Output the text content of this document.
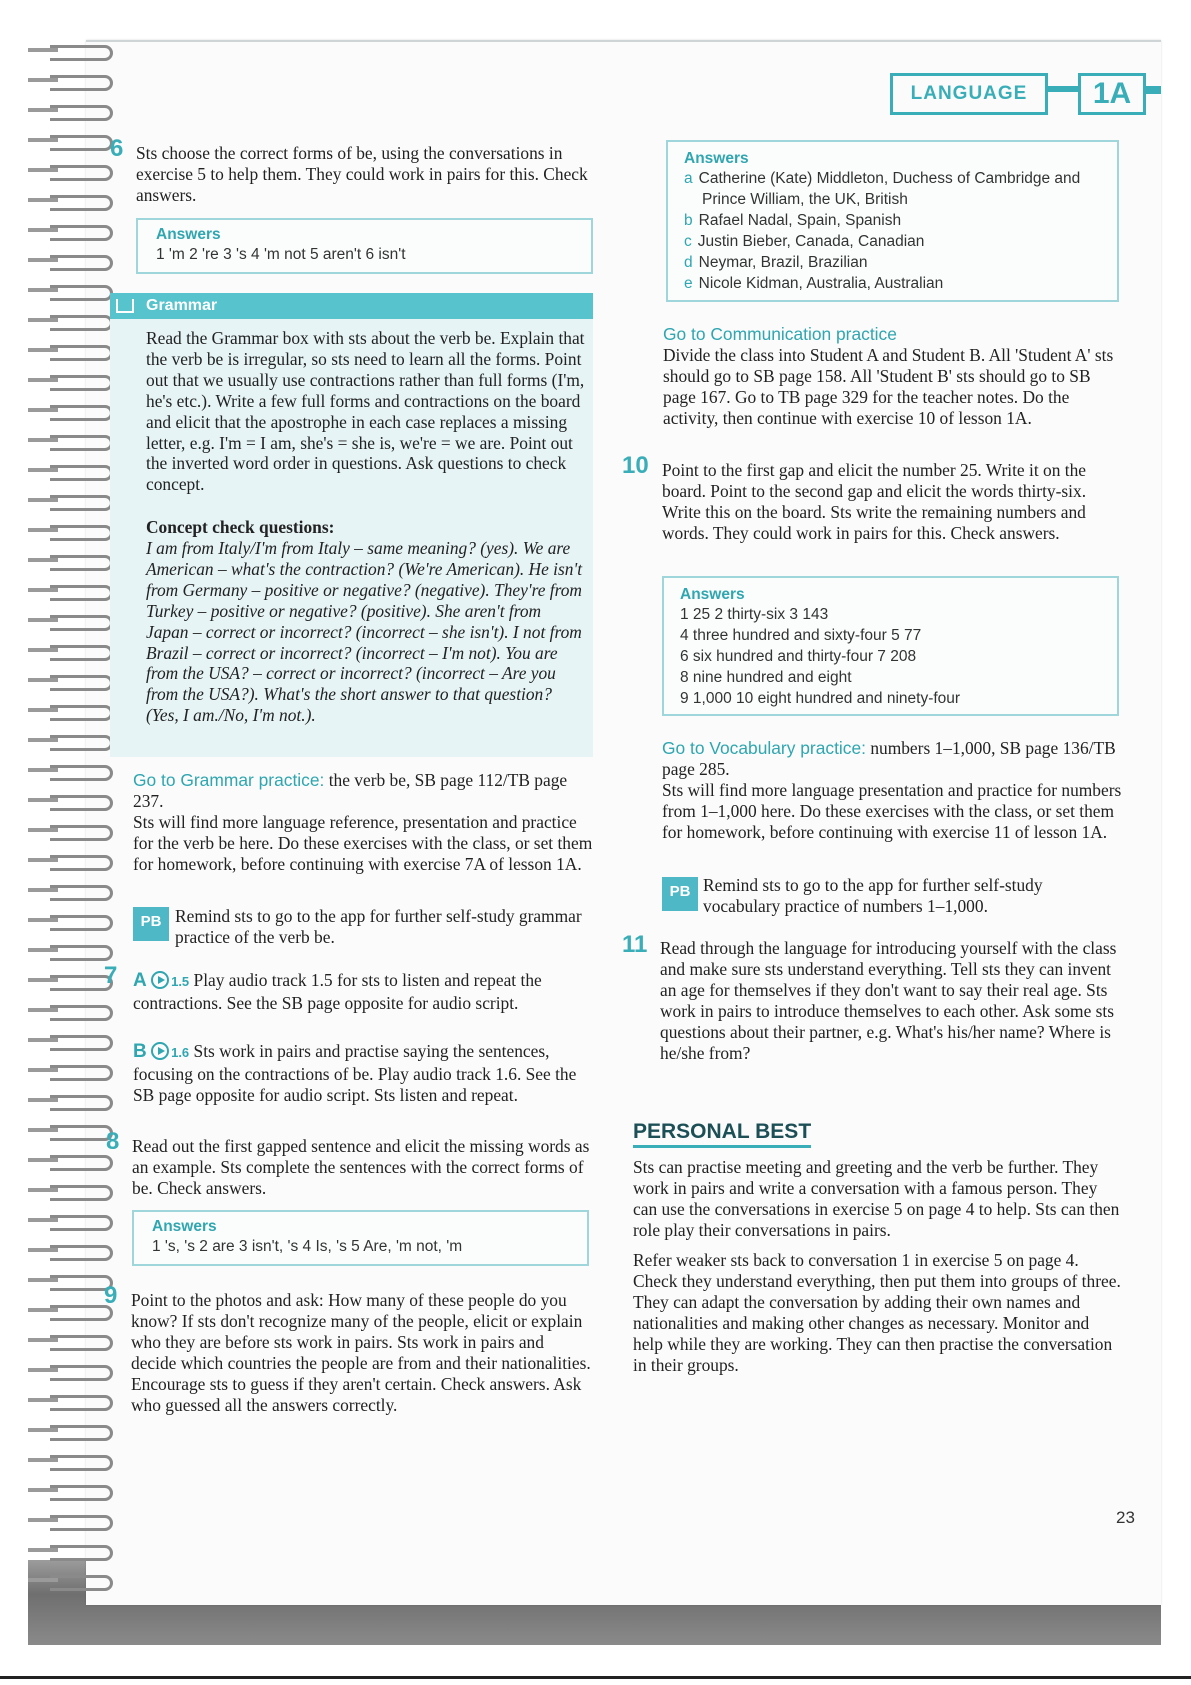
LANGUAGE	1A
6 Sts choose the correct forms of be, using the conversations in exercise 5 to help them. They could work in pairs for this. Check answers.
Answers
1 'm 2 're 3 's 4 'm not 5 aren't 6 isn't
Grammar
Read the Grammar box with sts about the verb be. Explain that the verb be is irregular, so sts need to learn all the forms. Point out that we usually use contractions rather than full forms (I'm, he's etc.). Write a few full forms and contractions on the board and elicit that the apostrophe in each case replaces a missing letter, e.g. I'm = I am, she's = she is, we're = we are. Point out the inverted word order in questions. Ask questions to check concept.
Concept check questions:
I am from Italy/I'm from Italy – same meaning? (yes). We are American – what's the contraction? (We're American). He isn't from Germany – positive or negative? (negative). They're from Turkey – positive or negative? (positive). She aren't from Japan – correct or incorrect? (incorrect – she isn't). I not from Brazil – correct or incorrect? (incorrect – I'm not). You are from the USA? – correct or incorrect? (incorrect – Are you from the USA?). What's the short answer to that question? (Yes, I am./No, I'm not.).
Go to Grammar practice: the verb be, SB page 112/TB page 237.
Sts will find more language reference, presentation and practice for the verb be here. Do these exercises with the class, or set them for homework, before continuing with exercise 7A of lesson 1A.
PB Remind sts to go to the app for further self-study grammar practice of the verb be.
7 A 1.5 Play audio track 1.5 for sts to listen and repeat the contractions. See the SB page opposite for audio script.
B 1.6 Sts work in pairs and practise saying the sentences, focusing on the contractions of be. Play audio track 1.6. See the SB page opposite for audio script. Sts listen and repeat.
8 Read out the first gapped sentence and elicit the missing words as an example. Sts complete the sentences with the correct forms of be. Check answers.
Answers
1 's, 's 2 are 3 isn't, 's 4 Is, 's 5 Are, 'm not, 'm
9 Point to the photos and ask: How many of these people do you know? If sts don't recognize many of the people, elicit or explain who they are before sts work in pairs. Sts work in pairs and decide which countries the people are from and their nationalities. Encourage sts to guess if they aren't certain. Check answers. Ask who guessed all the answers correctly.
Answers
a Catherine (Kate) Middleton, Duchess of Cambridge and
Prince William, the UK, British
b Rafael Nadal, Spain, Spanish
c Justin Bieber, Canada, Canadian
d Neymar, Brazil, Brazilian
e Nicole Kidman, Australia, Australian
Go to Communication practice
Divide the class into Student A and Student B. All 'Student A' sts should go to SB page 158. All 'Student B' sts should go to SB page 167. Go to TB page 329 for the teacher notes. Do the activity, then continue with exercise 10 of lesson 1A.
10 Point to the first gap and elicit the number 25. Write it on the board. Point to the second gap and elicit the words thirty-six. Write this on the board. Sts write the remaining numbers and words. They could work in pairs for this. Check answers.
Answers
1 25 2 thirty-six 3 143
4 three hundred and sixty-four 5 77
6 six hundred and thirty-four 7 208
8 nine hundred and eight
9 1,000 10 eight hundred and ninety-four
Go to Vocabulary practice: numbers 1–1,000, SB page 136/TB page 285.
Sts will find more language presentation and practice for numbers from 1–1,000 here. Do these exercises with the class, or set them for homework, before continuing with exercise 11 of lesson 1A.
PB Remind sts to go to the app for further self-study vocabulary practice of numbers 1–1,000.
11 Read through the language for introducing yourself with the class and make sure sts understand everything. Tell sts they can invent an age for themselves if they don't want to say their real age. Sts work in pairs to introduce themselves to each other. Ask some sts questions about their partner, e.g. What's his/her name? Where is he/she from?
PERSONAL BEST
Sts can practise meeting and greeting and the verb be further. They work in pairs and write a conversation with a famous person. They can use the conversations in exercise 5 on page 4 to help. Sts can then role play their conversations in pairs.
Refer weaker sts back to conversation 1 in exercise 5 on page 4. Check they understand everything, then put them into groups of three. They can adapt the conversation by adding their own names and nationalities and making other changes as necessary. Monitor and help while they are working. They can then practise the conversation in their groups.
23
